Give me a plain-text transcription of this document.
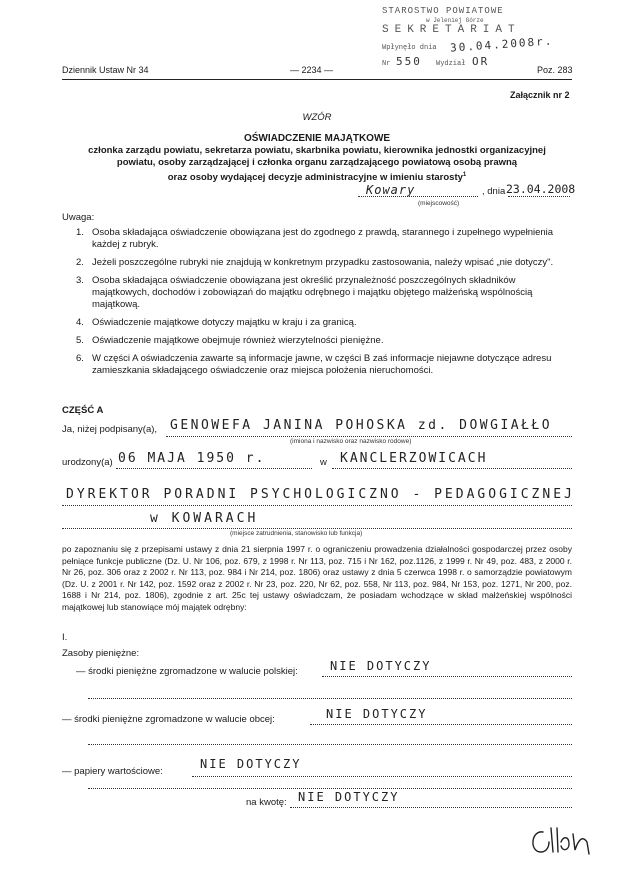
STAROSTWO POWIATOWE
w Jeleniej Górze
SEKRETARIAT
Wpłynęło dnia 30.04.2008r.
Nr 550 Wydział OR
Dziennik Ustaw Nr 34	— 2234 —	Poz. 283
Załącznik nr 2
WZÓR
OŚWIADCZENIE MAJĄTKOWE
członka zarządu powiatu, sekretarza powiatu, skarbnika powiatu, kierownika jednostki organizacyjnej
powiatu, osoby zarządzającej i członka organu zarządzającego powiatową osobą prawną
oraz osoby wydającej decyzje administracyjne w imieniu starosty$^1$
Kowary	, dnia 23.04.2008
(miejscowość)
Uwaga:
1. Osoba składająca oświadczenie obowiązana jest do zgodnego z prawdą, starannego i zupełnego wypełnienia każdej z rubryk.
2. Jeżeli poszczególne rubryki nie znajdują w konkretnym przypadku zastosowania, należy wpisać „nie dotyczy".
3. Osoba składająca oświadczenie obowiązana jest określić przynależność poszczególnych składników majątkowych, dochodów i zobowiązań do majątku odrębnego i majątku objętego małżeńską wspólnością majątkową.
4. Oświadczenie majątkowe dotyczy majątku w kraju i za granicą.
5. Oświadczenie majątkowe obejmuje również wierzytelności pieniężne.
6. W części A oświadczenia zawarte są informacje jawne, w części B zaś informacje niejawne dotyczące adresu zamieszkania składającego oświadczenie oraz miejsca położenia nieruchomości.
CZĘŚĆ A
Ja, niżej podpisany(a), GENOWEFA JANINA POHOSKA zd. DOWGIAŁŁO
(imiona i nazwisko oraz nazwisko rodowe)
urodzony(a) 06 MAJA 1950 r.	w KANCLERZOWICACH
DYREKTOR PORADNI PSYCHOLOGICZNO - PEDAGOGICZNEJ
w KOWARACH
(miejsce zatrudnienia, stanowisko lub funkcja)
po zapoznaniu się z przepisami ustawy z dnia 21 sierpnia 1997 r. o ograniczeniu prowadzenia działalności gospodarczej przez osoby pełniące funkcje publiczne (Dz. U. Nr 106, poz. 679, z 1998 r. Nr 113, poz. 715 i Nr 162, poz.1126, z 1999 r. Nr 49, poz. 483, z 2000 r. Nr 26, poz. 306 oraz z 2002 r. Nr 113, poz. 984 i Nr 214, poz. 1806) oraz ustawy z dnia 5 czerwca 1998 r. o samorządzie powiatowym (Dz. U. z 2001 r. Nr 142, poz. 1592 oraz z 2002 r. Nr 23, poz. 220, Nr 62, poz. 558, Nr 113, poz. 984, Nr 153, poz. 1271, Nr 200, poz. 1688 i Nr 214, poz. 1806), zgodnie z art. 25c tej ustawy oświadczam, że posiadam wchodzące w skład małżeńskiej wspólności majątkowej lub stanowiące mój majątek odrębny:
I.
Zasoby pieniężne:
— środki pieniężne zgromadzone w walucie polskiej:	NIE DOTYCZY
— środki pieniężne zgromadzone w walucie obcej:	NIE DOTYCZY
— papiery wartościowe:
NIE DOTYCZY
na kwotę: NIE DOTYCZY
